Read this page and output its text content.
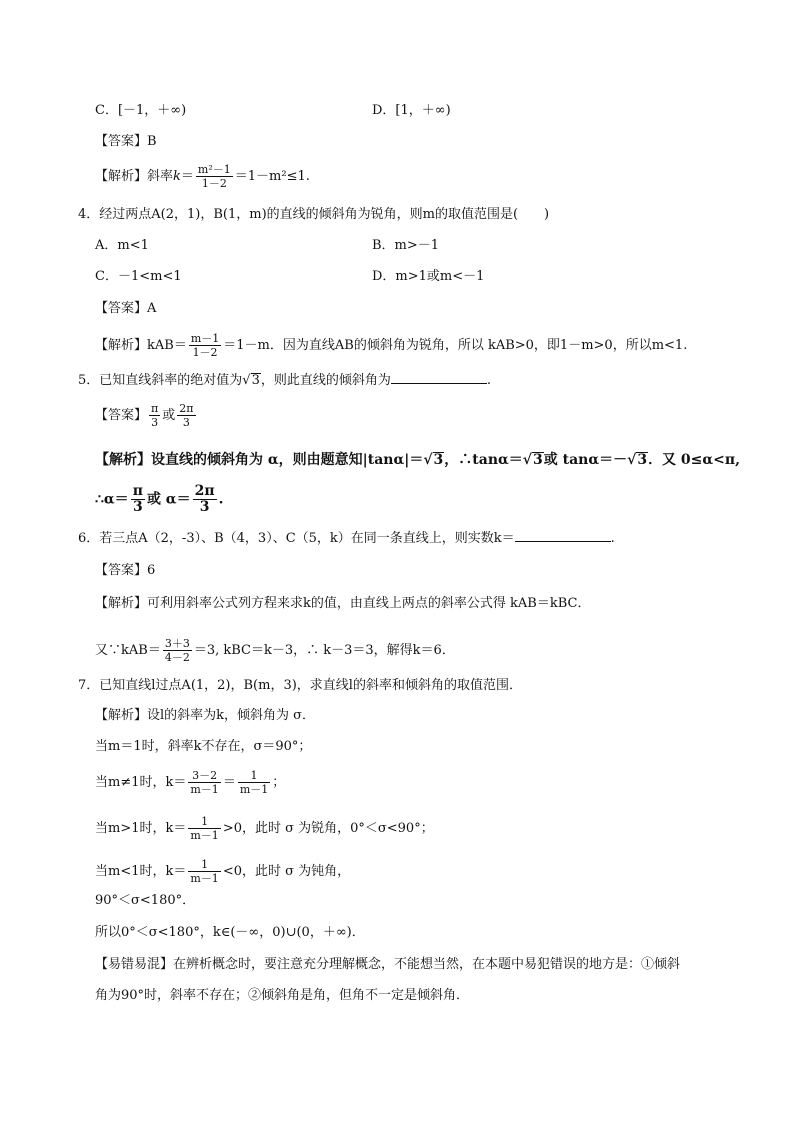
C．[－1，＋∞)	D．[1，＋∞)
【答案】B
【解析】斜率$k= \frac{\text{m²－1}}{1-2} =1-m^2\le 1$.
4．经过两点A(2，1)，B(1，m)的直线的倾斜角为锐角，则m的取值范围是(　　)
A．m<1	B．m>－1
C．－1<m<1	D．m>1或m<－1
【答案】A
【解析】$kAB= \frac{m-1}{1-2} =1-m$．因为直线AB的倾斜角为锐角，所以 kAB>0，即1－m>0，所以m<1.
5．已知直线斜率的绝对值为√3，则此直线的倾斜角为	.
【答案】 $\frac{\pi}{3}$ 或 $\frac{2\pi}{3}$
【解析】设直线的倾斜角为 α，则由题意知|tanα|＝√3，∴tanα＝√3或 tanα＝－√3．又 0≤α<π,
∴α＝ $\frac{\pi}{3}$ 或 $\alpha= \frac{2\pi}{3}$ .
6．若三点A（2，-3）、B（4，3）、C（5，k）在同一条直线上，则实数k＝	.
【答案】6
【解析】可利用斜率公式列方程来求k的值，由直线上两点的斜率公式得 kAB＝kBC．
又∵kAB＝ $\frac{3+3}{4-2} =3$, kBC＝k－3，∴ k－3＝3，解得k＝6．
7．已知直线l过点A(1，2)，B(m，3)，求直线l的斜率和倾斜角的取值范围．
【解析】设l的斜率为k，倾斜角为 σ．
当m＝1时，斜率k不存在，σ＝90°；
当m≠1时，$k= \frac{3-2}{m-1} = \frac{1}{m-1}$ ；
当m>1时，$k= \frac{1}{m-1} >0$，此时 σ 为锐角，0°＜σ<90°；
当m<1时，$k= \frac{1}{m-1} <0$，此时 σ 为钝角，
90°＜σ<180°．
所以0°＜σ<180°，k∈(－∞，0)∪(0，＋∞)．
【易错易混】在辨析概念时，要注意充分理解概念，不能想当然，在本题中易犯错误的地方是：①倾斜
角为90°时，斜率不存在；②倾斜角是角，但角不一定是倾斜角．
